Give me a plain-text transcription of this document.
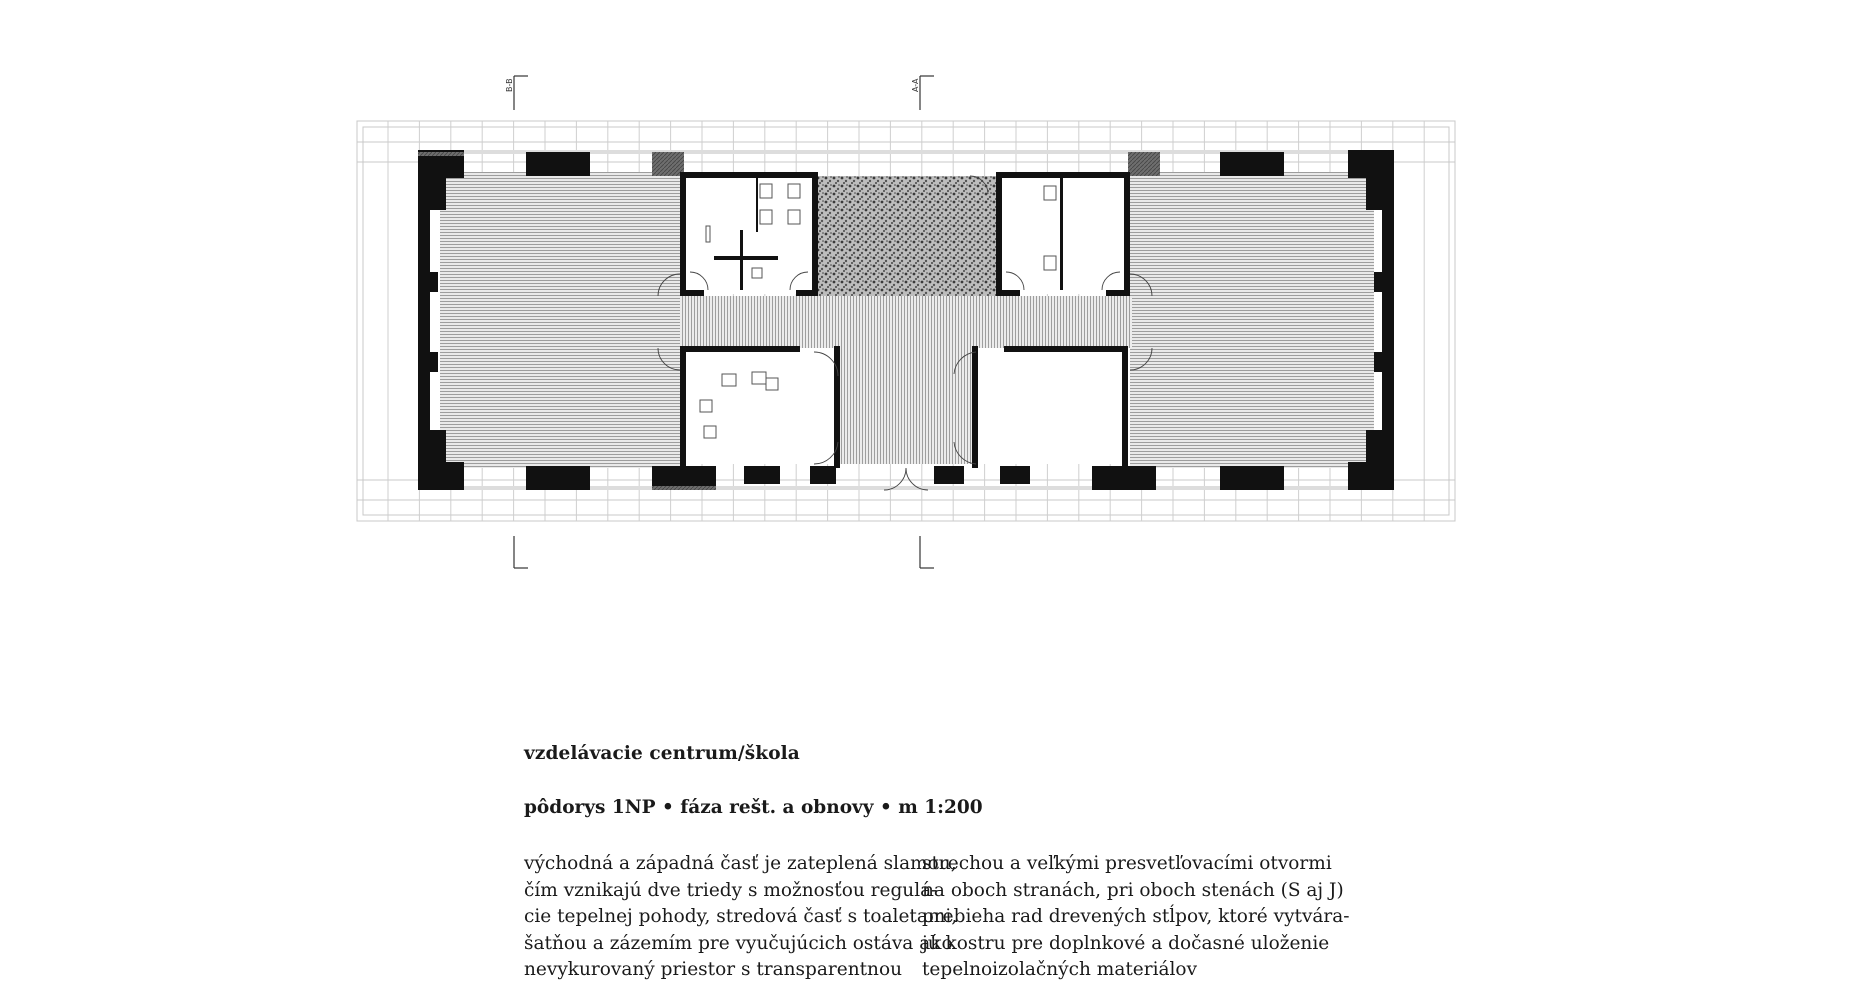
B-B	A-A
vzdelávacie centrum/škola
pôdorys 1NP • fáza rešt. a obnovy • m 1:200
východná a západná časť je zateplená slamou,
čím vznikajú dve triedy s možnosťou regulá-
cie tepelnej pohody, stredová časť s toaletami,
šatňou a zázemím pre vyučujúcich ostáva ako
nevykurovaný priestor s transparentnou
strechou a veľkými presvetľovacími otvormi
na oboch stranách, pri oboch stenách (S aj J)
prebieha rad drevených stĺpov, ktoré vytvára-
jú kostru pre doplnkové a dočasné uloženie
tepelnoizolačných materiálov
